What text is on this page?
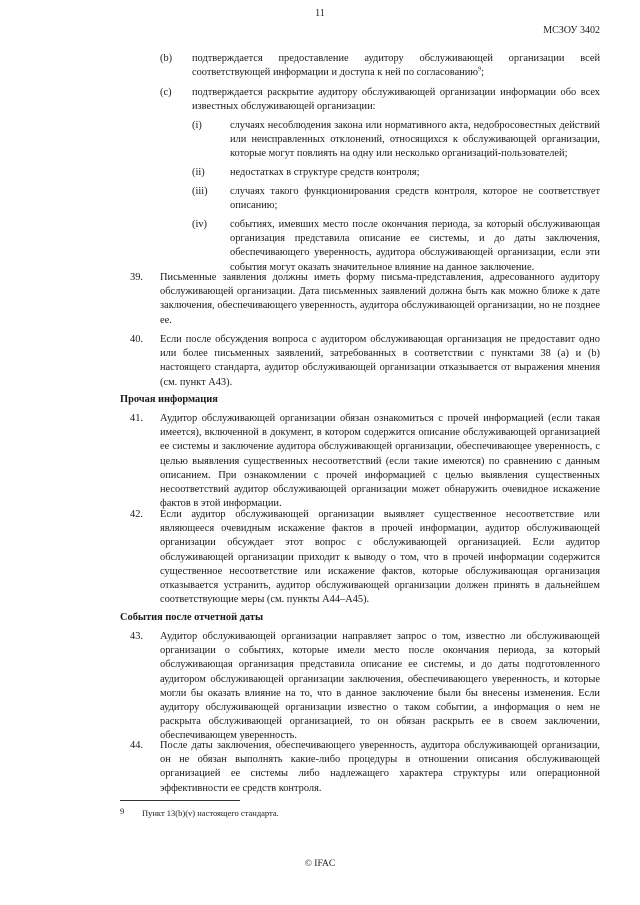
11
МСЗОУ 3402
(b) подтверждается предоставление аудитору обслуживающей организации всей соответствующей информации и доступа к ней по согласованию$^9$;

(c) подтверждается раскрытие аудитору обслуживающей организации информации обо всех известных обслуживающей организации:

(i)	случаях несоблюдения закона или нормативного акта, недобросовестных действий или неисправленных отклонений, относящихся к обслуживающей организации, которые могут повлиять на одну или несколько организаций-пользователей;

(ii) недостатках в структуре средств контроля;

(iii) случаях такого функционирования средств контроля, которое не соответствует описанию;

(iv) событиях, имевших место после окончания периода, за который обслуживающая организация представила описание ее системы, и до даты заключения, обеспечивающего уверенность, аудитора обслуживающей организации, если эти события могут оказать значительное влияние на данное заключение.

39. Письменные заявления должны иметь форму письма-представления, адресованного аудитору обслуживающей организации. Дата письменных заявлений должна быть как можно ближе к дате заключения, обеспечивающего уверенность, аудитора обслуживающей организации, но не позднее ее.

40. Если после обсуждения вопроса с аудитором обслуживающая организация не предоставит одно или более письменных заявлений, затребованных в соответствии с пунктами 38 (a) и (b) настоящего стандарта, аудитор обслуживающей организации отказывается от выражения мнения (см. пункт A43).

Прочая информация
41. Аудитор обслуживающей организации обязан ознакомиться с прочей информацией (если такая имеется), включенной в документ, в котором содержится описание обслуживающей организацией ее системы и заключение аудитора обслуживающей организации, обеспечивающее уверенность, с целью выявления существенных несоответствий (если такие имеются) по сравнению с данным описанием. При ознакомлении с прочей информацией с целью выявления существенных несоответствий аудитор обслуживающей организации может обнаружить очевидное искажение фактов в этой информации.

42. Если аудитор обслуживающей организации выявляет существенное несоответствие или являющееся очевидным искажение фактов в прочей информации, аудитор обслуживающей организации обсуждает этот вопрос с обслуживающей организацией. Если аудитор обслуживающей организации приходит к выводу о том, что в прочей информации содержится существенное несоответствие или искажение фактов, которые обслуживающая организация отказывается устранить, аудитор обслуживающей организации должен принять в дальнейшем соответствующие меры (см. пункты A44–A45).

События после отчетной даты
43. Аудитор обслуживающей организации направляет запрос о том, известно ли обслуживающей организации о событиях, которые имели место после окончания периода, за который обслуживающая организация представила описание ее системы, и до даты подготовленного аудитором обслуживающей организации заключения, обеспечивающего уверенность, и которые могли бы оказать влияние на то, что в данное заключение были бы внесены изменения. Если аудитору обслуживающей организации известно о таком событии, а информация о нем не раскрыта обслуживающей организацией, то он обязан раскрыть ее в своем заключении, обеспечивающем уверенность.

44. После даты заключения, обеспечивающего уверенность, аудитора обслуживающей организации, он не обязан выполнять какие-либо процедуры в отношении описания обслуживающей организацией ее системы либо надлежащего характера структуры или операционной эффективности ее средств контроля.

9 Пункт 13(b)(v) настоящего стандарта.
© IFAC
